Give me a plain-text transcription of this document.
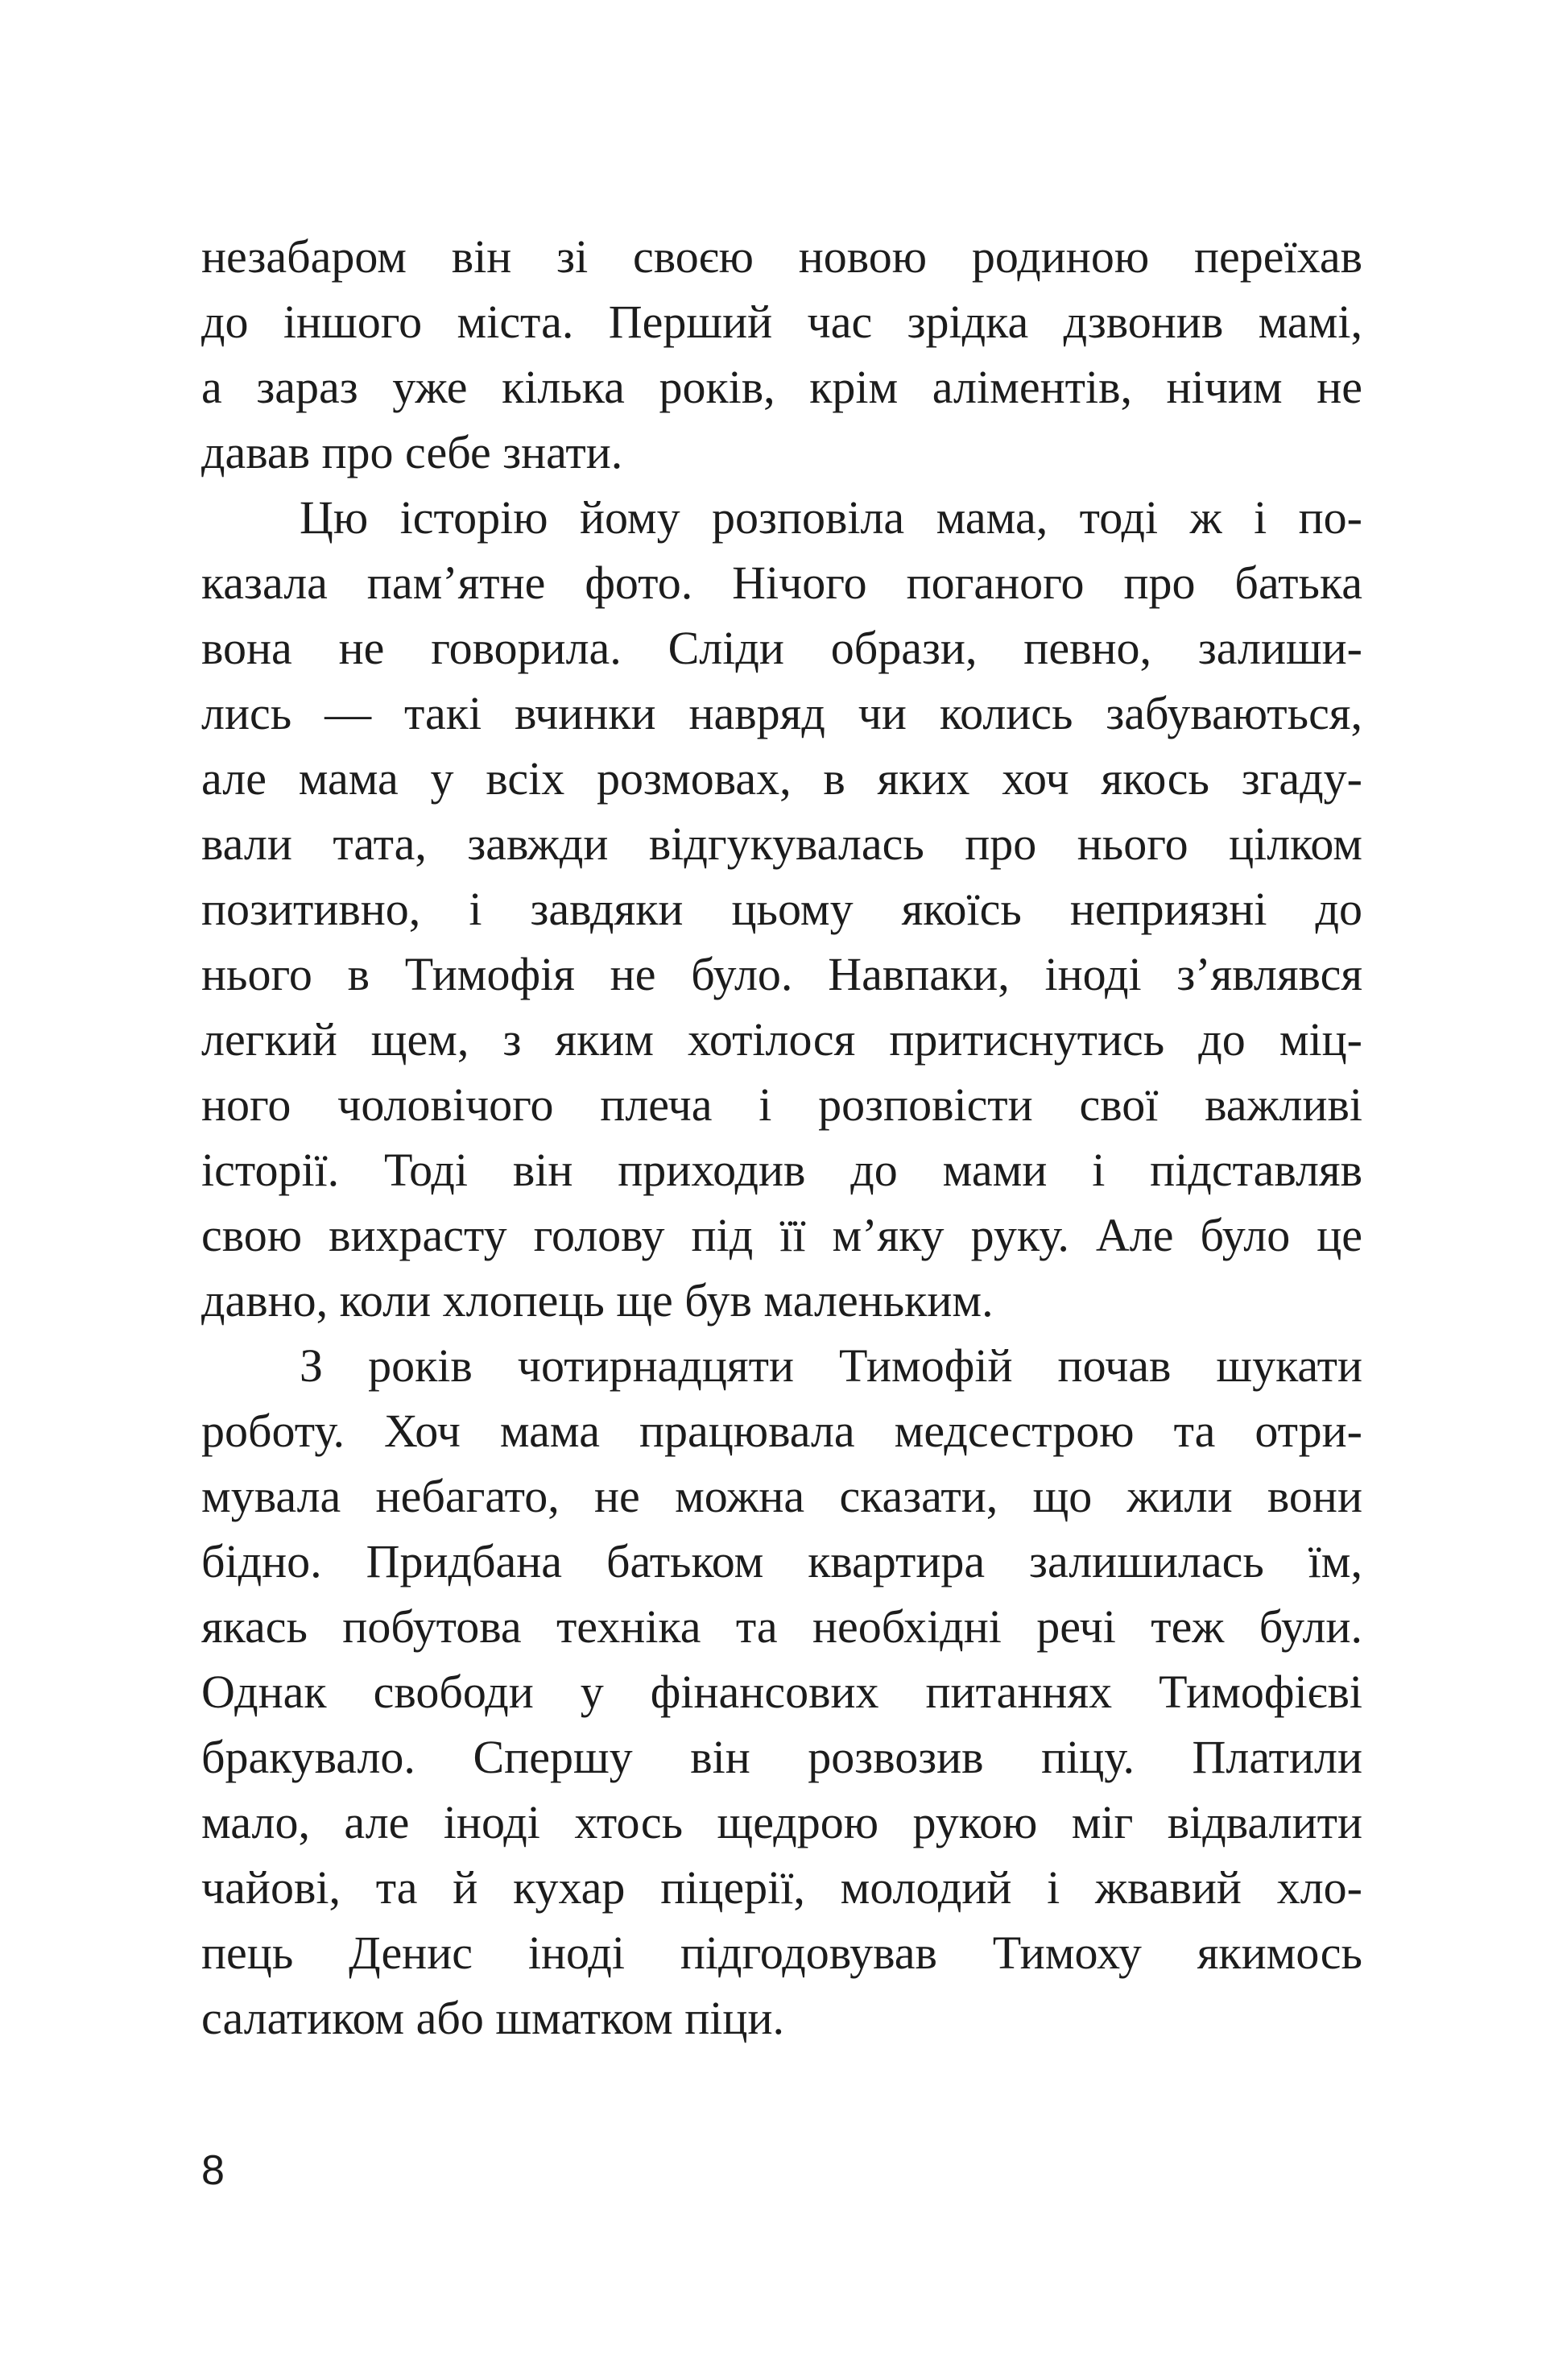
незабаром він зі своєю новою родиною переїхав
до іншого міста. Перший час зрідка дзвонив мамі,
а зараз уже кілька років, крім аліментів, нічим не
давав про себе знати.
Цю історію йому розповіла мама, тоді ж і по-
казала пам’ятне фото. Нічого поганого про батька
вона не говорила. Сліди образи, певно, залиши-
лись — такі вчинки навряд чи колись забуваються,
але мама у всіх розмовах, в яких хоч якось згаду-
вали тата, завжди відгукувалась про нього цілком
позитивно, і завдяки цьому якоїсь неприязні до
нього в Тимофія не було. Навпаки, іноді з’являвся
легкий щем, з яким хотілося притиснутись до міц-
ного чоловічого плеча і розповісти свої важливі
історії. Тоді він приходив до мами і підставляв
свою вихрасту голову під її м’яку руку. Але було це
давно, коли хлопець ще був маленьким.
З років чотирнадцяти Тимофій почав шукати
роботу. Хоч мама працювала медсестрою та отри-
мувала небагато, не можна сказати, що жили вони
бідно. Придбана батьком квартира залишилась їм,
якась побутова техніка та необхідні речі теж були.
Однак свободи у фінансових питаннях Тимофієві
бракувало. Спершу він розвозив піцу. Платили
мало, але іноді хтось щедрою рукою міг відвалити
чайові, та й кухар піцерії, молодий і жвавий хло-
пець Денис іноді підгодовував Тимоху якимось
салатиком або шматком піци.
8
